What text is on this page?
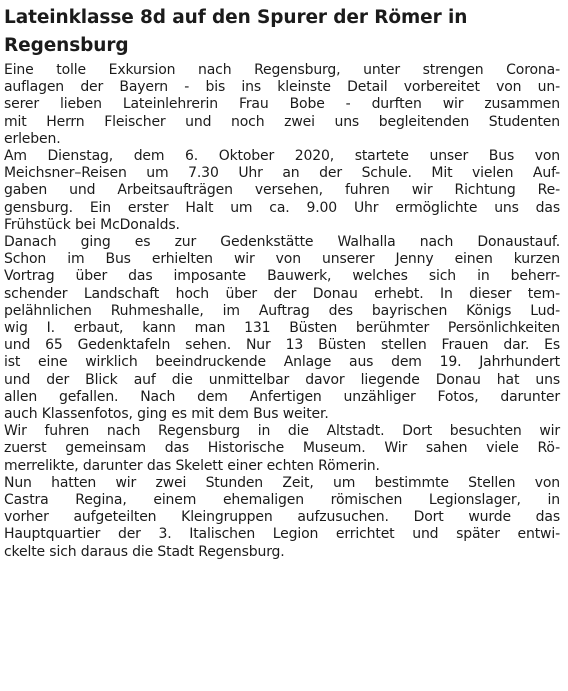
Lateinklasse 8d auf den Spurer der Römer in
Regensburg
Eine tolle Exkursion nach Regensburg, unter strengen Corona-
auflagen der Bayern - bis ins kleinste Detail vorbereitet von un-
serer lieben Lateinlehrerin Frau Bobe - durften wir zusammen
mit Herrn Fleischer und noch zwei uns begleitenden Studenten
erleben.
Am Dienstag, dem 6. Oktober 2020, startete unser Bus von
Meichsner–Reisen um 7.30 Uhr an der Schule. Mit vielen Auf-
gaben und Arbeitsaufträgen versehen, fuhren wir Richtung Re-
gensburg. Ein erster Halt um ca. 9.00 Uhr ermöglichte uns das
Frühstück bei McDonalds.
Danach ging es zur Gedenkstätte Walhalla nach Donaustauf.
Schon im Bus erhielten wir von unserer Jenny einen kurzen
Vortrag über das imposante Bauwerk, welches sich in beherr-
schender Landschaft hoch über der Donau erhebt. In dieser tem-
pelähnlichen Ruhmeshalle, im Auftrag des bayrischen Königs Lud-
wig I. erbaut, kann man 131 Büsten berühmter Persönlichkeiten
und 65 Gedenktafeln sehen. Nur 13 Büsten stellen Frauen dar. Es
ist eine wirklich beeindruckende Anlage aus dem 19. Jahrhundert
und der Blick auf die unmittelbar davor liegende Donau hat uns
allen gefallen. Nach dem Anfertigen unzähliger Fotos, darunter
auch Klassenfotos, ging es mit dem Bus weiter.
Wir fuhren nach Regensburg in die Altstadt. Dort besuchten wir
zuerst gemeinsam das Historische Museum. Wir sahen viele Rö-
merrelikte, darunter das Skelett einer echten Römerin.
Nun hatten wir zwei Stunden Zeit, um bestimmte Stellen von
Castra Regina, einem ehemaligen römischen Legionslager, in
vorher aufgeteilten Kleingruppen aufzusuchen. Dort wurde das
Hauptquartier der 3. Italischen Legion errichtet und später entwi-
ckelte sich daraus die Stadt Regensburg.
